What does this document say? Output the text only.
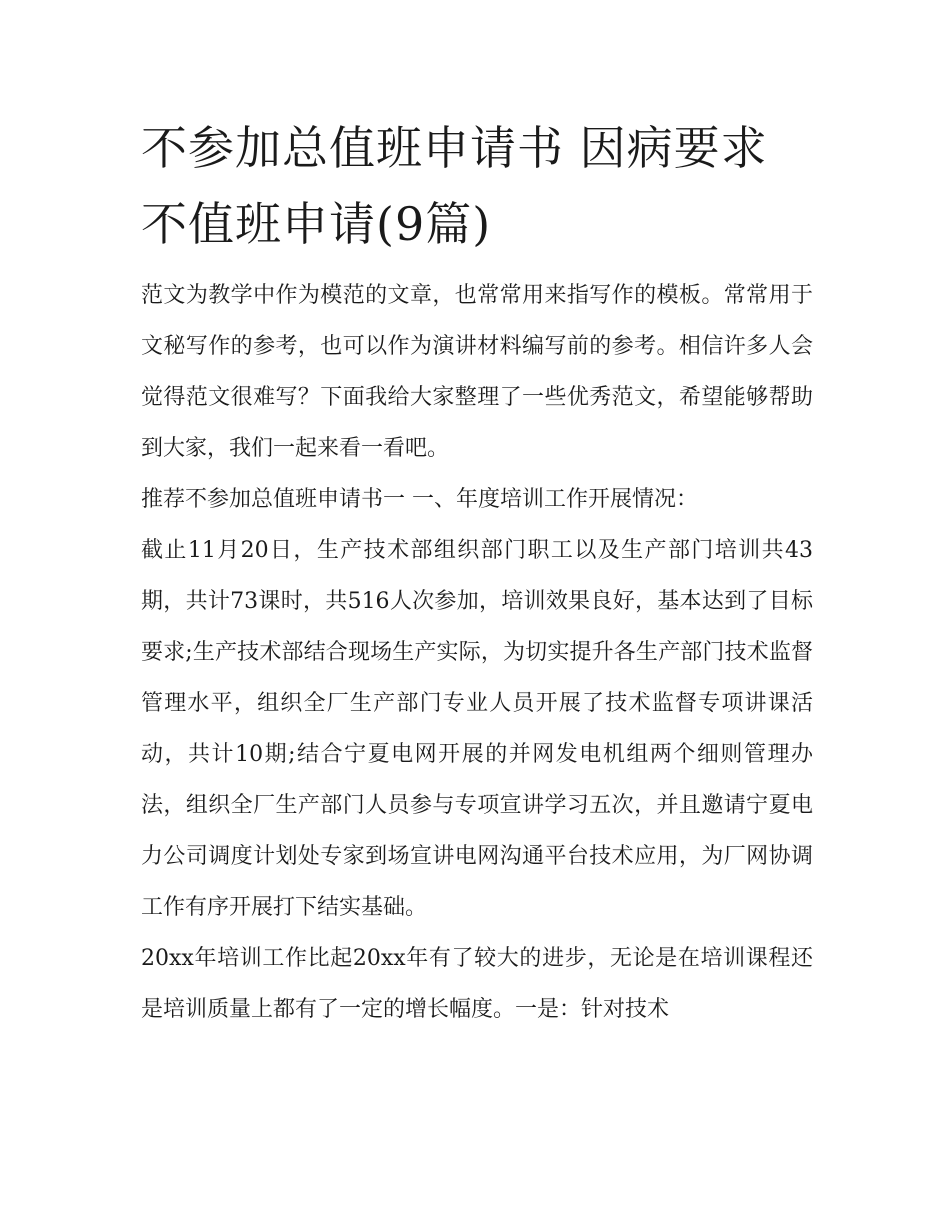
不参加总值班申请书 因病要求不值班申请(9篇)

范文为教学中作为模范的文章，也常常用来指写作的模板。常常用于文秘写作的参考，也可以作为演讲材料编写前的参考。相信许多人会觉得范文很难写？下面我给大家整理了一些优秀范文，希望能够帮助到大家，我们一起来看一看吧。

推荐不参加总值班申请书一 一、年度培训工作开展情况：

截止11月20日，生产技术部组织部门职工以及生产部门培训共43期，共计73课时，共516人次参加，培训效果良好，基本达到了目标要求;生产技术部结合现场生产实际，为切实提升各生产部门技术监督管理水平，组织全厂生产部门专业人员开展了技术监督专项讲课活动，共计10期;结合宁夏电网开展的并网发电机组两个细则管理办法，组织全厂生产部门人员参与专项宣讲学习五次，并且邀请宁夏电力公司调度计划处专家到场宣讲电网沟通平台技术应用，为厂网协调工作有序开展打下结实基础。

20xx年培训工作比起20xx年有了较大的进步，无论是在培训课程还是培训质量上都有了一定的增长幅度。一是：针对技术
